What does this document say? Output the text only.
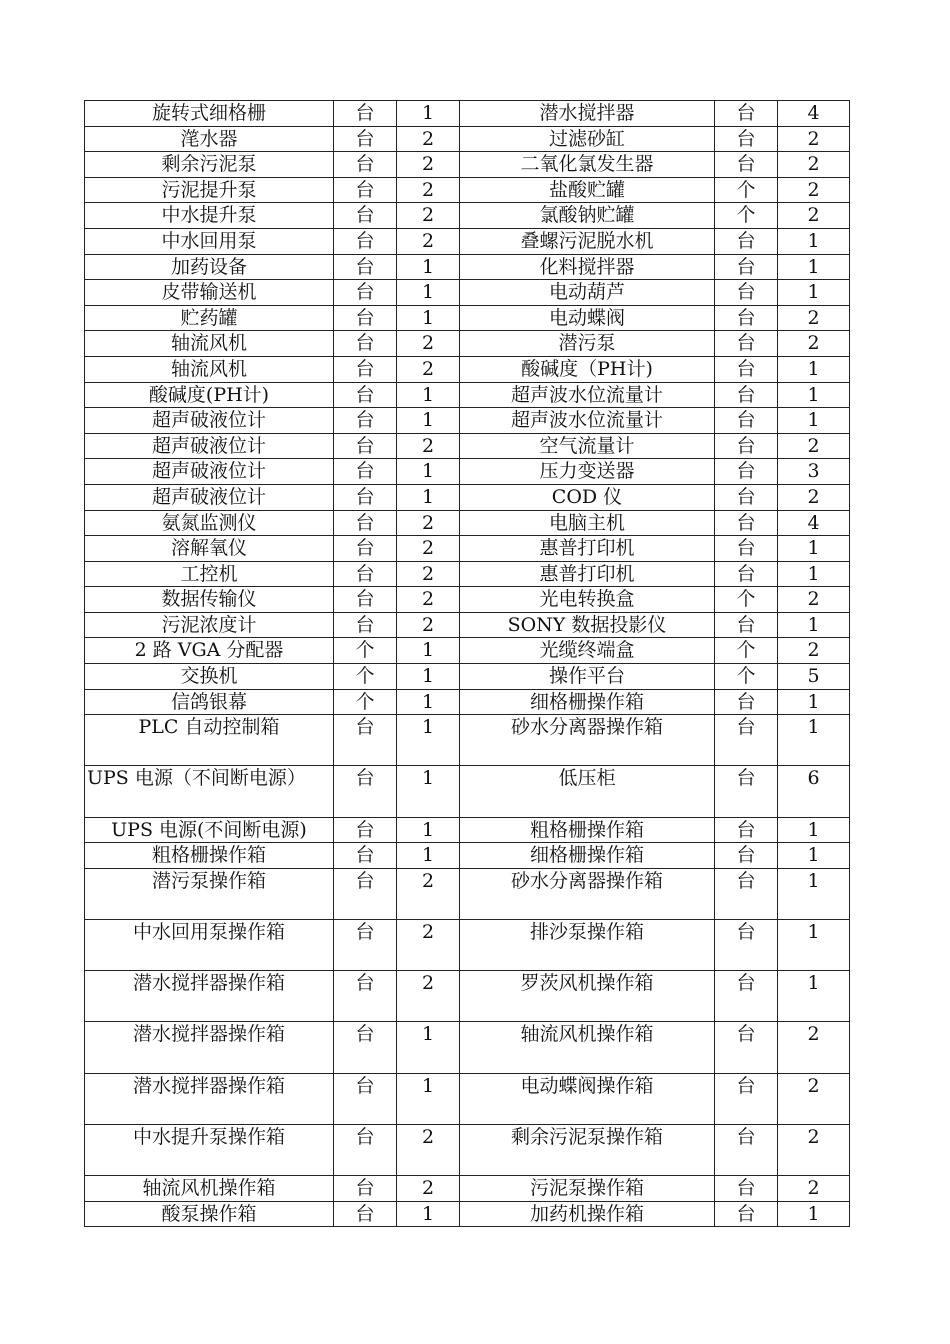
旋转式细格栅	台	1	潜水搅拌器	台	4
滗水器	台	2	过滤砂缸	台	2
剩余污泥泵	台	2	二氧化氯发生器	台	2
污泥提升泵	台	2	盐酸贮罐	个	2
中水提升泵	台	2	氯酸钠贮罐	个	2
中水回用泵	台	2	叠螺污泥脱水机	台	1
加药设备	台	1	化料搅拌器	台	1
皮带输送机	台	1	电动葫芦	台	1
贮药罐	台	1	电动蝶阀	台	2
轴流风机	台	2	潜污泵	台	2
轴流风机	台	2	酸碱度（PH计)	台	1
酸碱度(PH计)	台	1	超声波水位流量计	台	1
超声破液位计	台	1	超声波水位流量计	台	1
超声破液位计	台	2	空气流量计	台	2
超声破液位计	台	1	压力变送器	台	3
超声破液位计	台	1	COD 仪	台	2
氨氮监测仪	台	2	电脑主机	台	4
溶解氧仪	台	2	惠普打印机	台	1
工控机	台	2	惠普打印机	台	1
数据传输仪	台	2	光电转换盒	个	2
污泥浓度计	台	2	SONY 数据投影仪	台	1
2 路 VGA 分配器	个	1	光缆终端盒	个	2
交换机	个	1	操作平台	个	5
信鸽银幕	个	1	细格栅操作箱	台	1
PLC 自动控制箱	台	1	砂水分离器操作箱	台	1
UPS 电源（不间断电源）	台	1	低压柜	台	6
UPS 电源(不间断电源)	台	1	粗格栅操作箱	台	1
粗格栅操作箱	台	1	细格栅操作箱	台	1
潜污泵操作箱	台	2	砂水分离器操作箱	台	1
中水回用泵操作箱	台	2	排沙泵操作箱	台	1
潜水搅拌器操作箱	台	2	罗茨风机操作箱	台	1
潜水搅拌器操作箱	台	1	轴流风机操作箱	台	2
潜水搅拌器操作箱	台	1	电动蝶阀操作箱	台	2
中水提升泵操作箱	台	2	剩余污泥泵操作箱	台	2
轴流风机操作箱	台	2	污泥泵操作箱	台	2
酸泵操作箱	台	1	加药机操作箱	台	1
